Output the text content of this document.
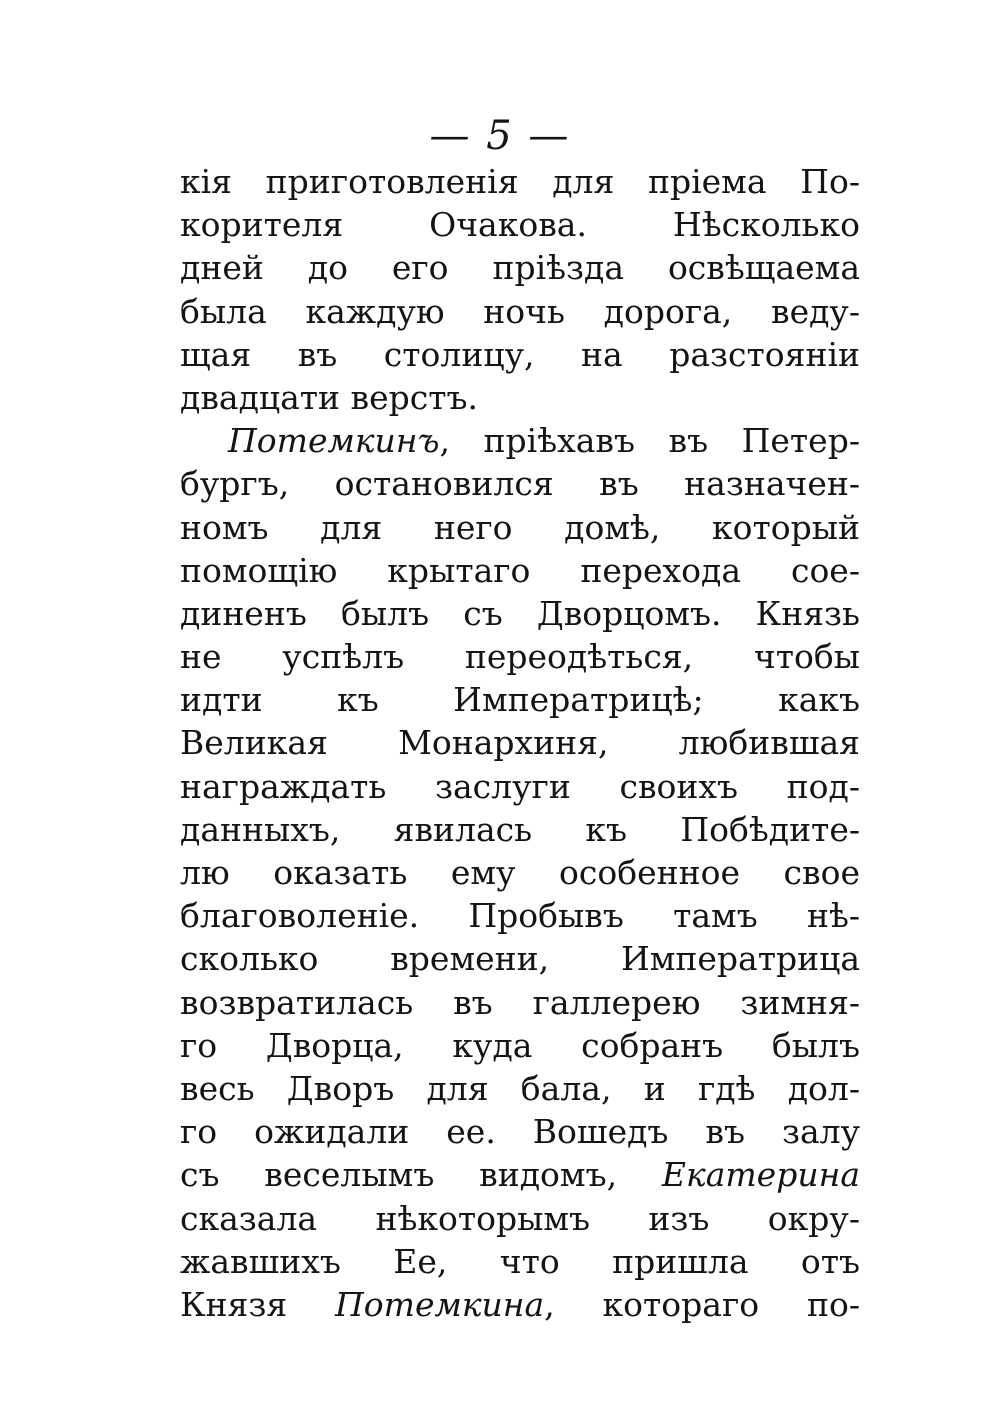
— 5 —
кія приготовленія для пріема По-
корителя Очакова. Нѣсколько
дней до его пріѣзда освѣщаема
была каждую ночь дорога, веду-
щая въ столицу, на разстояніи
двадцати верстъ.
Потемкинъ, пріѣхавъ въ Петер-
бургъ, остановился въ назначен-
номъ для него домѣ, который
помощію крытаго перехода сое-
диненъ былъ съ Дворцомъ. Князь
не успѣлъ переодѣться, чтобы
идти къ Императрицѣ; какъ
Великая Монархиня, любившая
награждать заслуги своихъ под-
данныхъ, явилась къ Побѣдите-
лю оказать ему особенное свое
благоволеніе. Пробывъ тамъ нѣ-
сколько времени, Императрица
возвратилась въ галлерею зимня-
го Дворца, куда собранъ былъ
весь Дворъ для бала, и гдѣ дол-
го ожидали ее. Вошедъ въ залу
съ веселымъ видомъ, Екатерина
сказала нѣкоторымъ изъ окру-
жавшихъ Ее, что пришла отъ
Князя Потемкина, котораго по-
